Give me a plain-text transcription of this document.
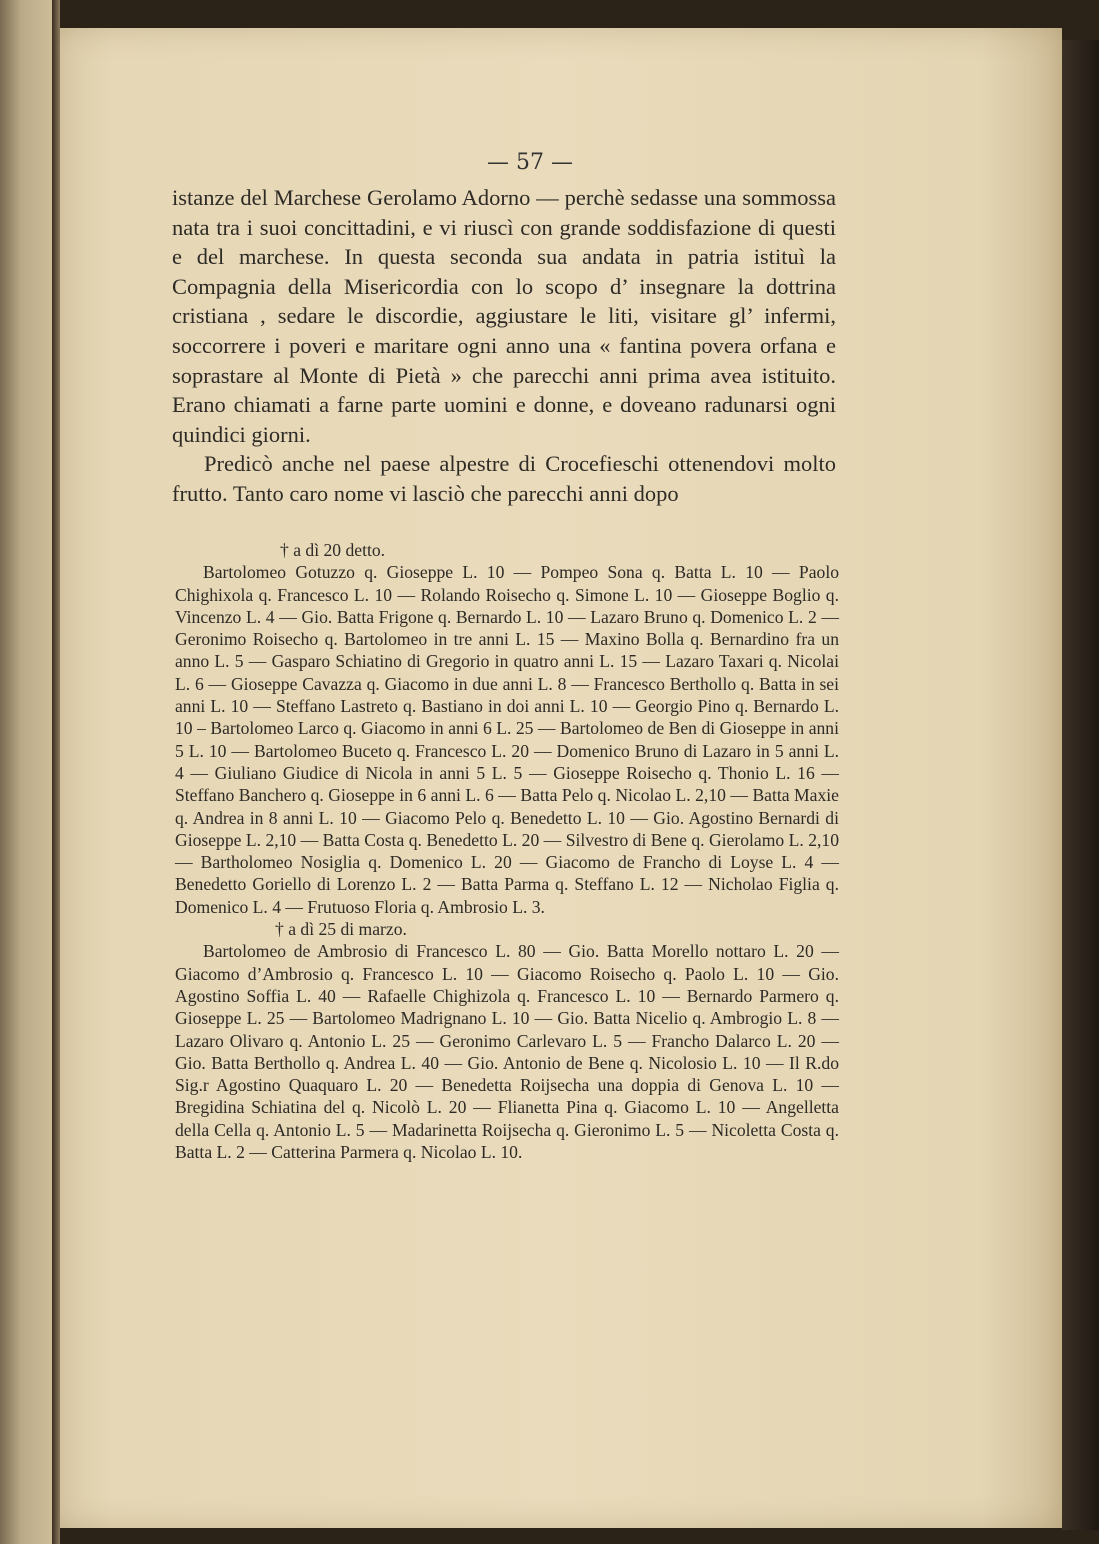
— 57 —

istanze del Marchese Gerolamo Adorno — perchè sedasse una sommossa nata tra i suoi concittadini, e vi riuscì con grande soddisfazione di questi e del marchese. In questa seconda sua andata in patria istituì la Compagnia della Misericordia con lo scopo d’ insegnare la dottrina cristiana , sedare le discordie, aggiustare le liti, visitare gl’ infermi, soccorrere i poveri e maritare ogni anno una « fantina povera orfana e soprastare al Monte di Pietà » che parecchi anni prima avea istituito. Erano chiamati a farne parte uomini e donne, e doveano radunarsi ogni quindici giorni.

Predicò anche nel paese alpestre di Crocefieschi ottenendovi molto frutto. Tanto caro nome vi lasciò che parecchi anni dopo

† a dì 20 detto.

Bartolomeo Gotuzzo q. Gioseppe L. 10 — Pompeo Sona q. Batta L. 10 — Paolo Chighixola q. Francesco L. 10 — Rolando Roisecho q. Simone L. 10 — Gioseppe Boglio q. Vincenzo L. 4 — Gio. Batta Frigone q. Bernardo L. 10 — Lazaro Bruno q. Domenico L. 2 — Geronimo Roisecho q. Bartolomeo in tre anni L. 15 — Maxino Bolla q. Bernardino fra un anno L. 5 — Gasparo Schiatino di Gregorio in quatro anni L. 15 — Lazaro Taxari q. Nicolai L. 6 — Gioseppe Cavazza q. Giacomo in due anni L. 8 — Francesco Bertholl​o q. Batta in sei anni L. 10 — Steffano Lastreto q. Bastiano in doi anni L. 10 — Georgio Pino q. Bernardo L. 10 – Bartolomeo Larco q. Giacomo in anni 6 L. 25 — Bartolomeo de Ben di Gioseppe in anni 5 L. 10 — Bartolomeo Buceto q. Francesco L. 20 — Domenico Bruno di Lazaro in 5 anni L. 4 — Giuliano Giudice di Nicola in anni 5 L. 5 — Gioseppe Roisecho q. Thonio L. 16 — Steffano Banchero q. Gioseppe in 6 anni L. 6 — Batta Pelo q. Nicolao L. 2,10 — Batta Maxie q. Andrea in 8 anni L. 10 — Giacomo Pelo q. Benedetto L. 10 — Gio. Agostino Bernardi di Gioseppe L. 2,10 — Batta Costa q. Benedetto L. 20 — Silvestro di Bene q. Gierolamo L. 2,10 — Bartholomeo Nosiglia q. Domenico L. 20 — Giacomo de Francho di Loyse L. 4 — Benedetto Goriello di Lorenzo L. 2 — Batta Parma q. Steffano L. 12 — Nicholao Figlia q. Domenico L. 4 — Frutuoso Floria q. Ambrosio L. 3.

† a dì 25 di marzo.

Bartolomeo de Ambrosio di Francesco L. 80 — Gio. Batta Morello nottaro L. 20 — Giacomo d’Ambrosio q. Francesco L. 10 — Giacomo Roisecho q. Paolo L. 10 — Gio. Agostino Soffia L. 40 — Rafaelle Chighizola q. Francesco L. 10 — Bernardo Parmero q. Gioseppe L. 25 — Bartolomeo Madrignano L. 10 — Gio. Batta Nicelio q. Ambrogio L. 8 — Lazaro Olivaro q. Antonio L. 25 — Geronimo Carlevaro L. 5 — Francho Dalarco L. 20 — Gio. Batta Bertholl​o q. Andrea L. 40 — Gio. Antonio de Bene q. Nicolosio L. 10 — Il R.do Sig.r Agostino Quaquaro L. 20 — Benedetta Roijsecha una doppia di Genova L. 10 — Bregidina Schiatina del q. Nicolò L. 20 — Flianetta Pina q. Giacomo L. 10 — Angelletta della Cella q. Antonio L. 5 — Madarinetta Roijsecha q. Gieronimo L. 5 — Nicoletta Costa q. Batta L. 2 — Catterina Parmera q. Nicolao L. 10.
